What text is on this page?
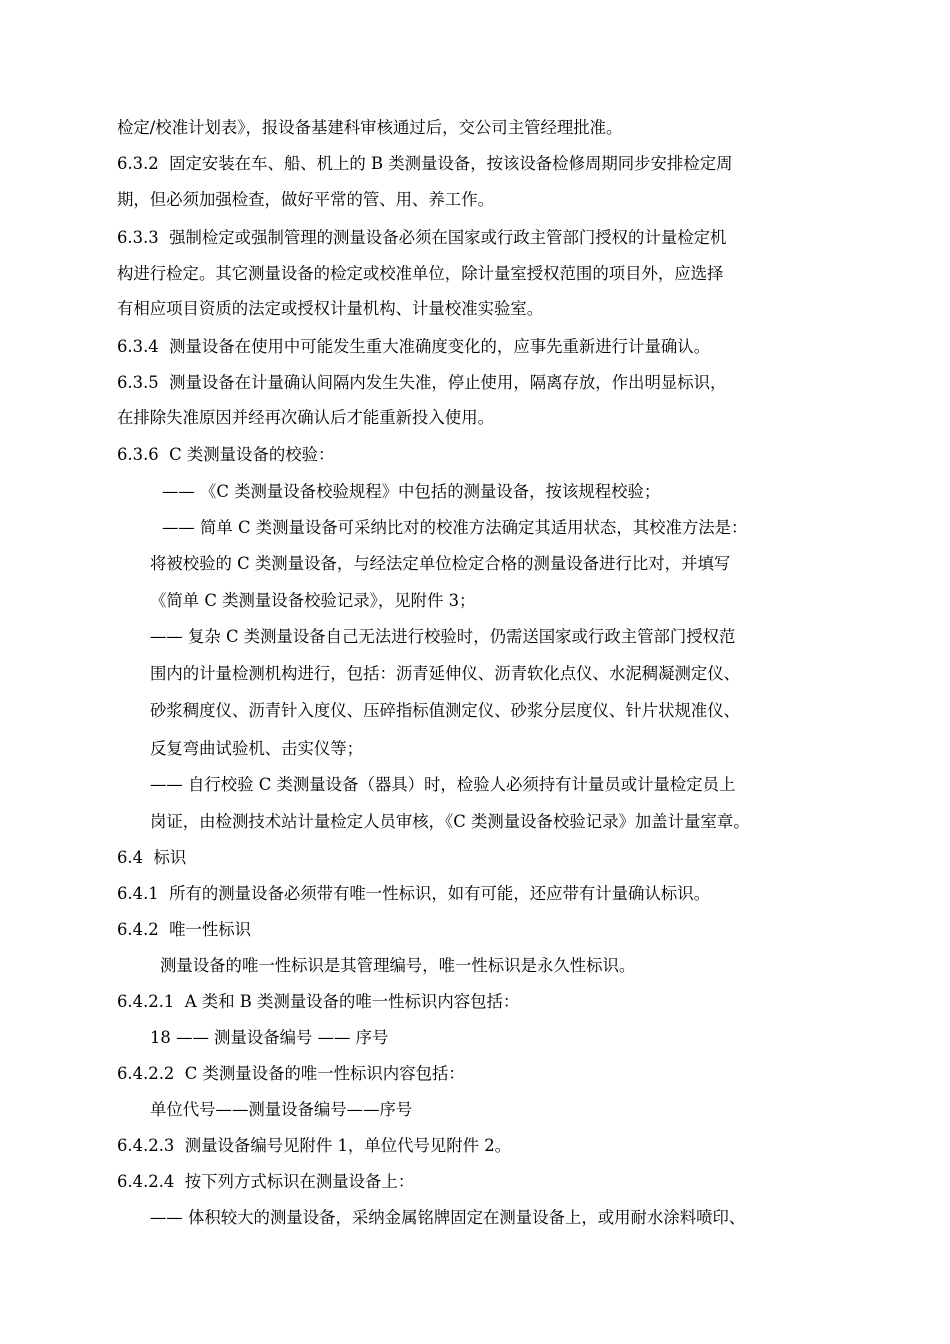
检定/校准计划表》，报设备基建科审核通过后，交公司主管经理批准。
6.3.2  固定安装在车、船、机上的 B 类测量设备，按该设备检修周期同步安排检定周
期，但必须加强检查，做好平常的管、用、养工作。
6.3.3  强制检定或强制管理的测量设备必须在国家或行政主管部门授权的计量检定机
构进行检定。其它测量设备的检定或校准单位，除计量室授权范围的项目外，应选择
有相应项目资质的法定或授权计量机构、计量校准实验室。
6.3.4  测量设备在使用中可能发生重大准确度变化的，应事先重新进行计量确认。
6.3.5  测量设备在计量确认间隔内发生失准，停止使用，隔离存放，作出明显标识，
在排除失准原因并经再次确认后才能重新投入使用。
6.3.6  C 类测量设备的校验：
—— 《C 类测量设备校验规程》中包括的测量设备，按该规程校验；
—— 简单 C 类测量设备可采纳比对的校准方法确定其适用状态，其校准方法是：
将被校验的 C 类测量设备，与经法定单位检定合格的测量设备进行比对，并填写
《简单 C 类测量设备校验记录》，见附件 3；
—— 复杂 C 类测量设备自己无法进行校验时，仍需送国家或行政主管部门授权范
围内的计量检测机构进行，包括：沥青延伸仪、沥青软化点仪、水泥稠凝测定仪、
砂浆稠度仪、沥青针入度仪、压碎指标值测定仪、砂浆分层度仪、针片状规准仪、
反复弯曲试验机、击实仪等；
—— 自行校验 C 类测量设备（器具）时，检验人必须持有计量员或计量检定员上
岗证，由检测技术站计量检定人员审核，《C 类测量设备校验记录》加盖计量室章。
6.4  标识
6.4.1  所有的测量设备必须带有唯一性标识，如有可能，还应带有计量确认标识。
6.4.2  唯一性标识
测量设备的唯一性标识是其管理编号，唯一性标识是永久性标识。
6.4.2.1  A 类和 B 类测量设备的唯一性标识内容包括：
18 —— 测量设备编号 —— 序号
6.4.2.2  C 类测量设备的唯一性标识内容包括：
单位代号——测量设备编号——序号
6.4.2.3  测量设备编号见附件 1，单位代号见附件 2。
6.4.2.4  按下列方式标识在测量设备上：
—— 体积较大的测量设备，采纳金属铭牌固定在测量设备上，或用耐水涂料喷印、
